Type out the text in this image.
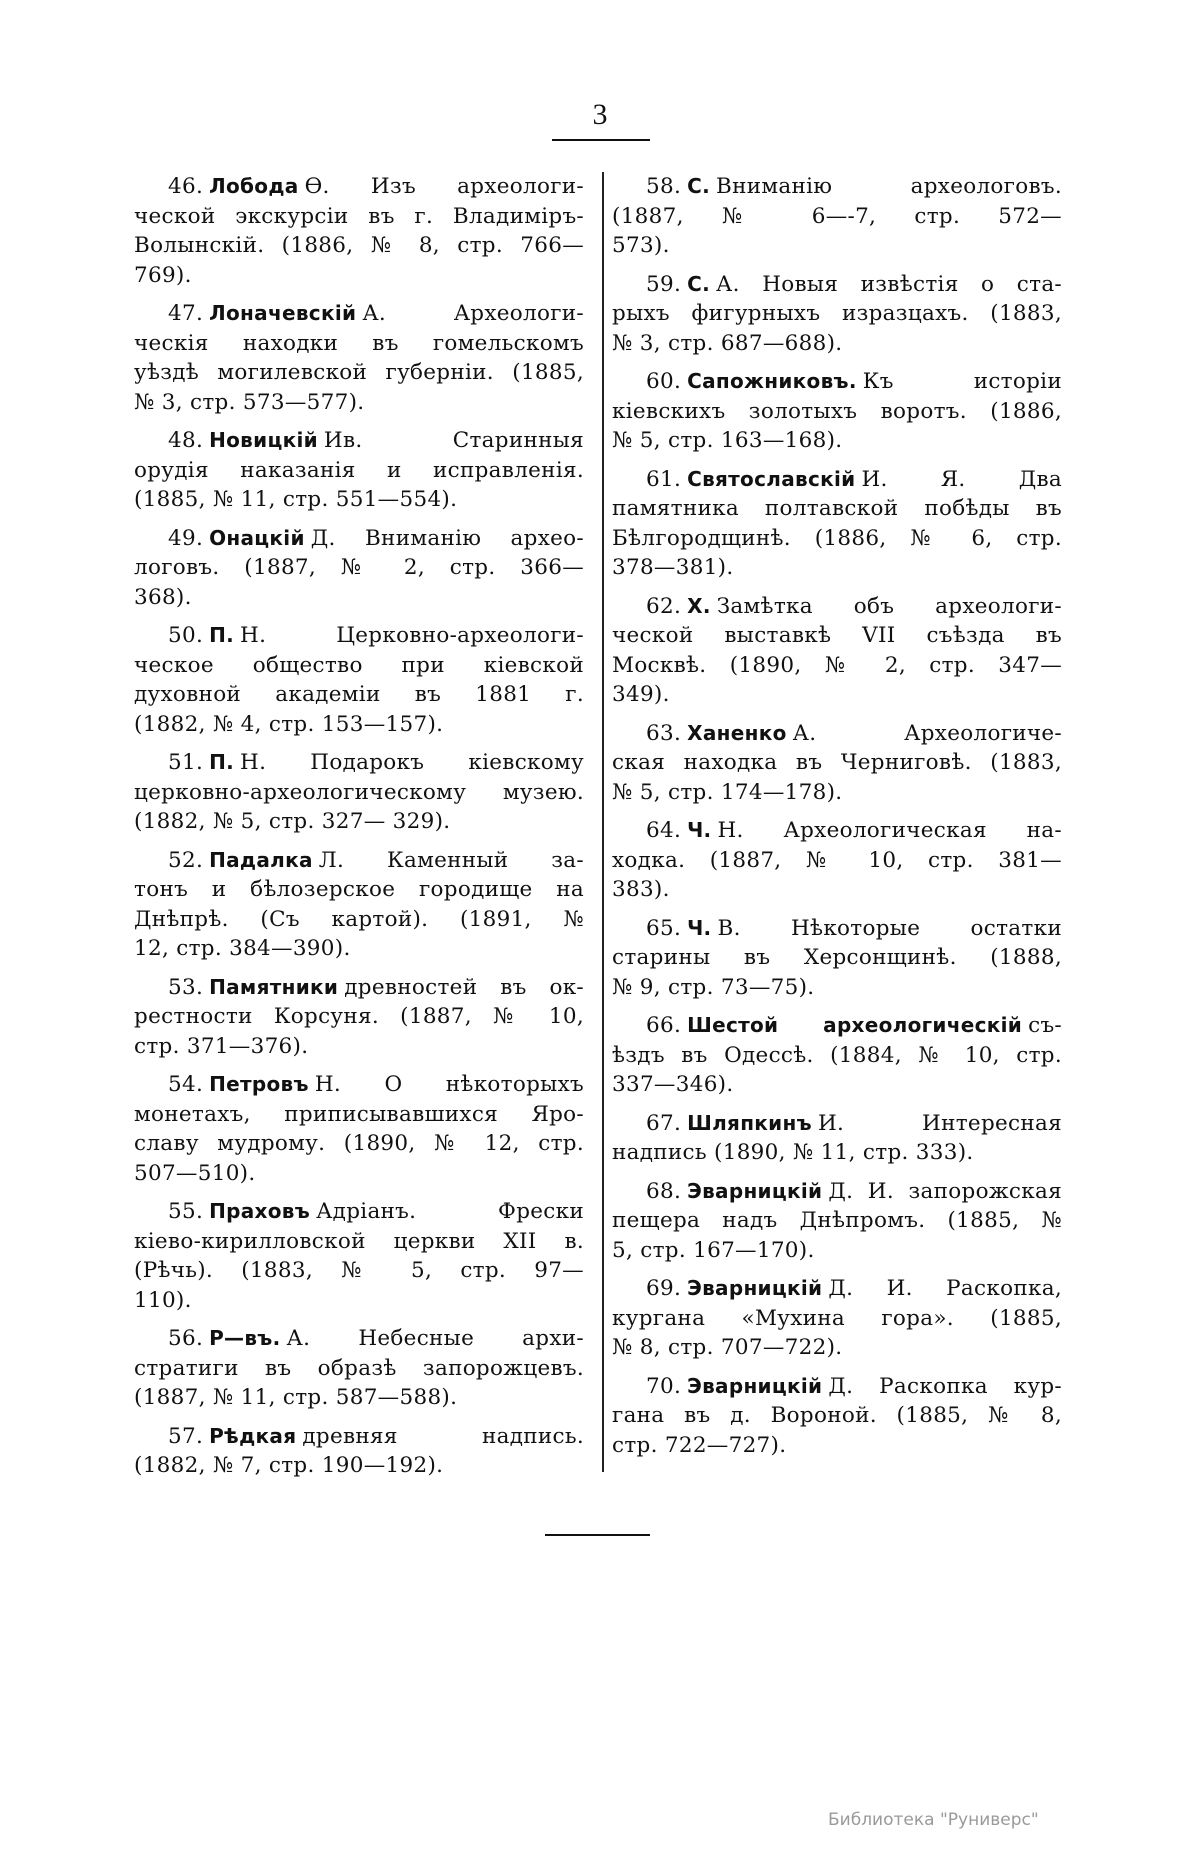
3
46. Лобода Ѳ. Изъ археологи-
ческой экскурсіи въ г. Владиміръ-
Волынскій. (1886, № 8, стр. 766—
769).
47. Лоначевскій А. Археологи-
ческія находки въ гомельскомъ
уѣздѣ могилевской губерніи. (1885,
№ 3, стр. 573—577).
48. Новицкій Ив. Старинныя
орудія наказанія и исправленія.
(1885, № 11, стр. 551—554).
49. Онацкій Д. Вниманію архео-
логовъ. (1887, № 2, стр. 366—
368).
50. П. Н. Церковно-археологи-
ческое общество при кіевской
духовной академіи въ 1881 г.
(1882, № 4, стр. 153—157).
51. П. Н. Подарокъ кіевскому
церковно-археологическому музею.
(1882, № 5, стр. 327— 329).
52. Падалка Л. Каменный за-
тонъ и бѣлозерское городище на
Днѣпрѣ. (Съ картой). (1891, №
12, стр. 384—390).
53. Памятники древностей въ ок-
рестности Корсуня. (1887, № 10,
стр. 371—376).
54. Петровъ Н. О нѣкоторыхъ
монетахъ, приписывавшихся Яро-
славу мудрому. (1890, № 12, стр.
507—510).
55. Праховъ Адріанъ. Фрески
кіево-кирилловской церкви XII в.
(Рѣчь). (1883, № 5, стр. 97—
110).
56. Р—въ. А. Небесные архи-
стратиги въ образѣ запорожцевъ.
(1887, № 11, стр. 587—588).
57. Рѣдкая древняя надпись.
(1882, № 7, стр. 190—192).
58. С. Вниманію археологовъ.
(1887, № 6—-7, стр. 572—
573).
59. С. А. Новыя извѣстія о ста-
рыхъ фигурныхъ изразцахъ. (1883,
№ 3, стр. 687—688).
60. Сапожниковъ. Къ исторіи
кіевскихъ золотыхъ воротъ. (1886,
№ 5, стр. 163—168).
61. Святославскій И. Я. Два
памятника полтавской побѣды въ
Бѣлгородщинѣ. (1886, № 6, стр.
378—381).
62. Х. Замѣтка объ археологи-
ческой выставкѣ VII съѣзда въ
Москвѣ. (1890, № 2, стр. 347—
349).
63. Ханенко А. Археологиче-
ская находка въ Черниговѣ. (1883,
№ 5, стр. 174—178).
64. Ч. Н. Археологическая на-
ходка. (1887, № 10, стр. 381—
383).
65. Ч. В. Нѣкоторые остатки
старины въ Херсонщинѣ. (1888,
№ 9, стр. 73—75).
66. Шестой археологическій съ-
ѣздъ въ Одессѣ. (1884, № 10, стр.
337—346).
67. Шляпкинъ И. Интересная
надпись (1890, № 11, стр. 333).
68. Эварницкій Д. И. запорожская
пещера надъ Днѣпромъ. (1885, №
5, стр. 167—170).
69. Эварницкій Д. И. Раскопка,
кургана «Мухина гора». (1885,
№ 8, стр. 707—722).
70. Эварницкій Д. Раскопка кур-
гана въ д. Вороной. (1885, № 8,
стр. 722—727).
Библиотека "Руниверс"
